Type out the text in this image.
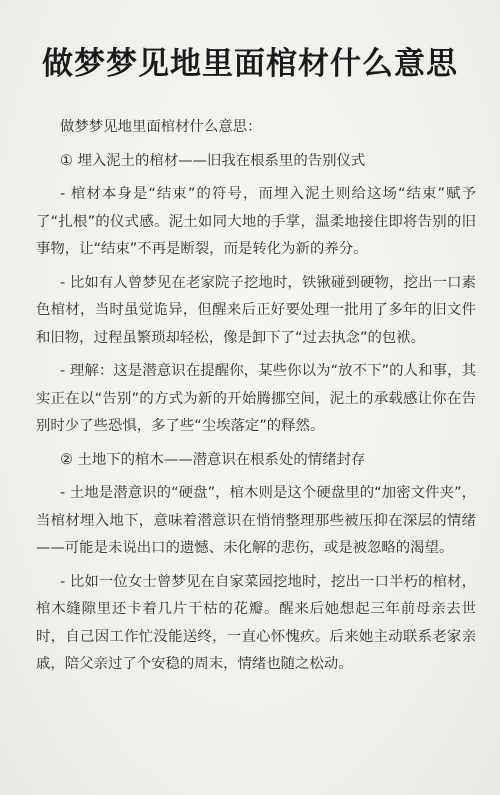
做梦梦见地里面棺材什么意思

做梦梦见地里面棺材什么意思：

① 埋入泥土的棺材——旧我在根系里的告别仪式

- 棺材本身是“结束”的符号，而埋入泥土则给这场“结束”赋予了“扎根”的仪式感。泥土如同大地的手掌，温柔地接住即将告别的旧事物，让“结束”不再是断裂，而是转化为新的养分。

- 比如有人曾梦见在老家院子挖地时，铁锹碰到硬物，挖出一口素色棺材，当时虽觉诡异，但醒来后正好要处理一批用了多年的旧文件和旧物，过程虽繁琐却轻松，像是卸下了“过去执念”的包袱。

- 理解：这是潜意识在提醒你，某些你以为“放不下”的人和事，其实正在以“告别”的方式为新的开始腾挪空间，泥土的承载感让你在告别时少了些恐惧，多了些“尘埃落定”的释然。

② 土地下的棺木——潜意识在根系处的情绪封存

- 土地是潜意识的“硬盘”，棺木则是这个硬盘里的“加密文件夹”，当棺材埋入地下，意味着潜意识在悄悄整理那些被压抑在深层的情绪——可能是未说出口的遗憾、未化解的悲伤，或是被忽略的渴望。

- 比如一位女士曾梦见在自家菜园挖地时，挖出一口半朽的棺材，棺木缝隙里还卡着几片干枯的花瓣。醒来后她想起三年前母亲去世时，自己因工作忙没能送终，一直心怀愧疚。后来她主动联系老家亲戚，陪父亲过了个安稳的周末，情绪也随之松动。
